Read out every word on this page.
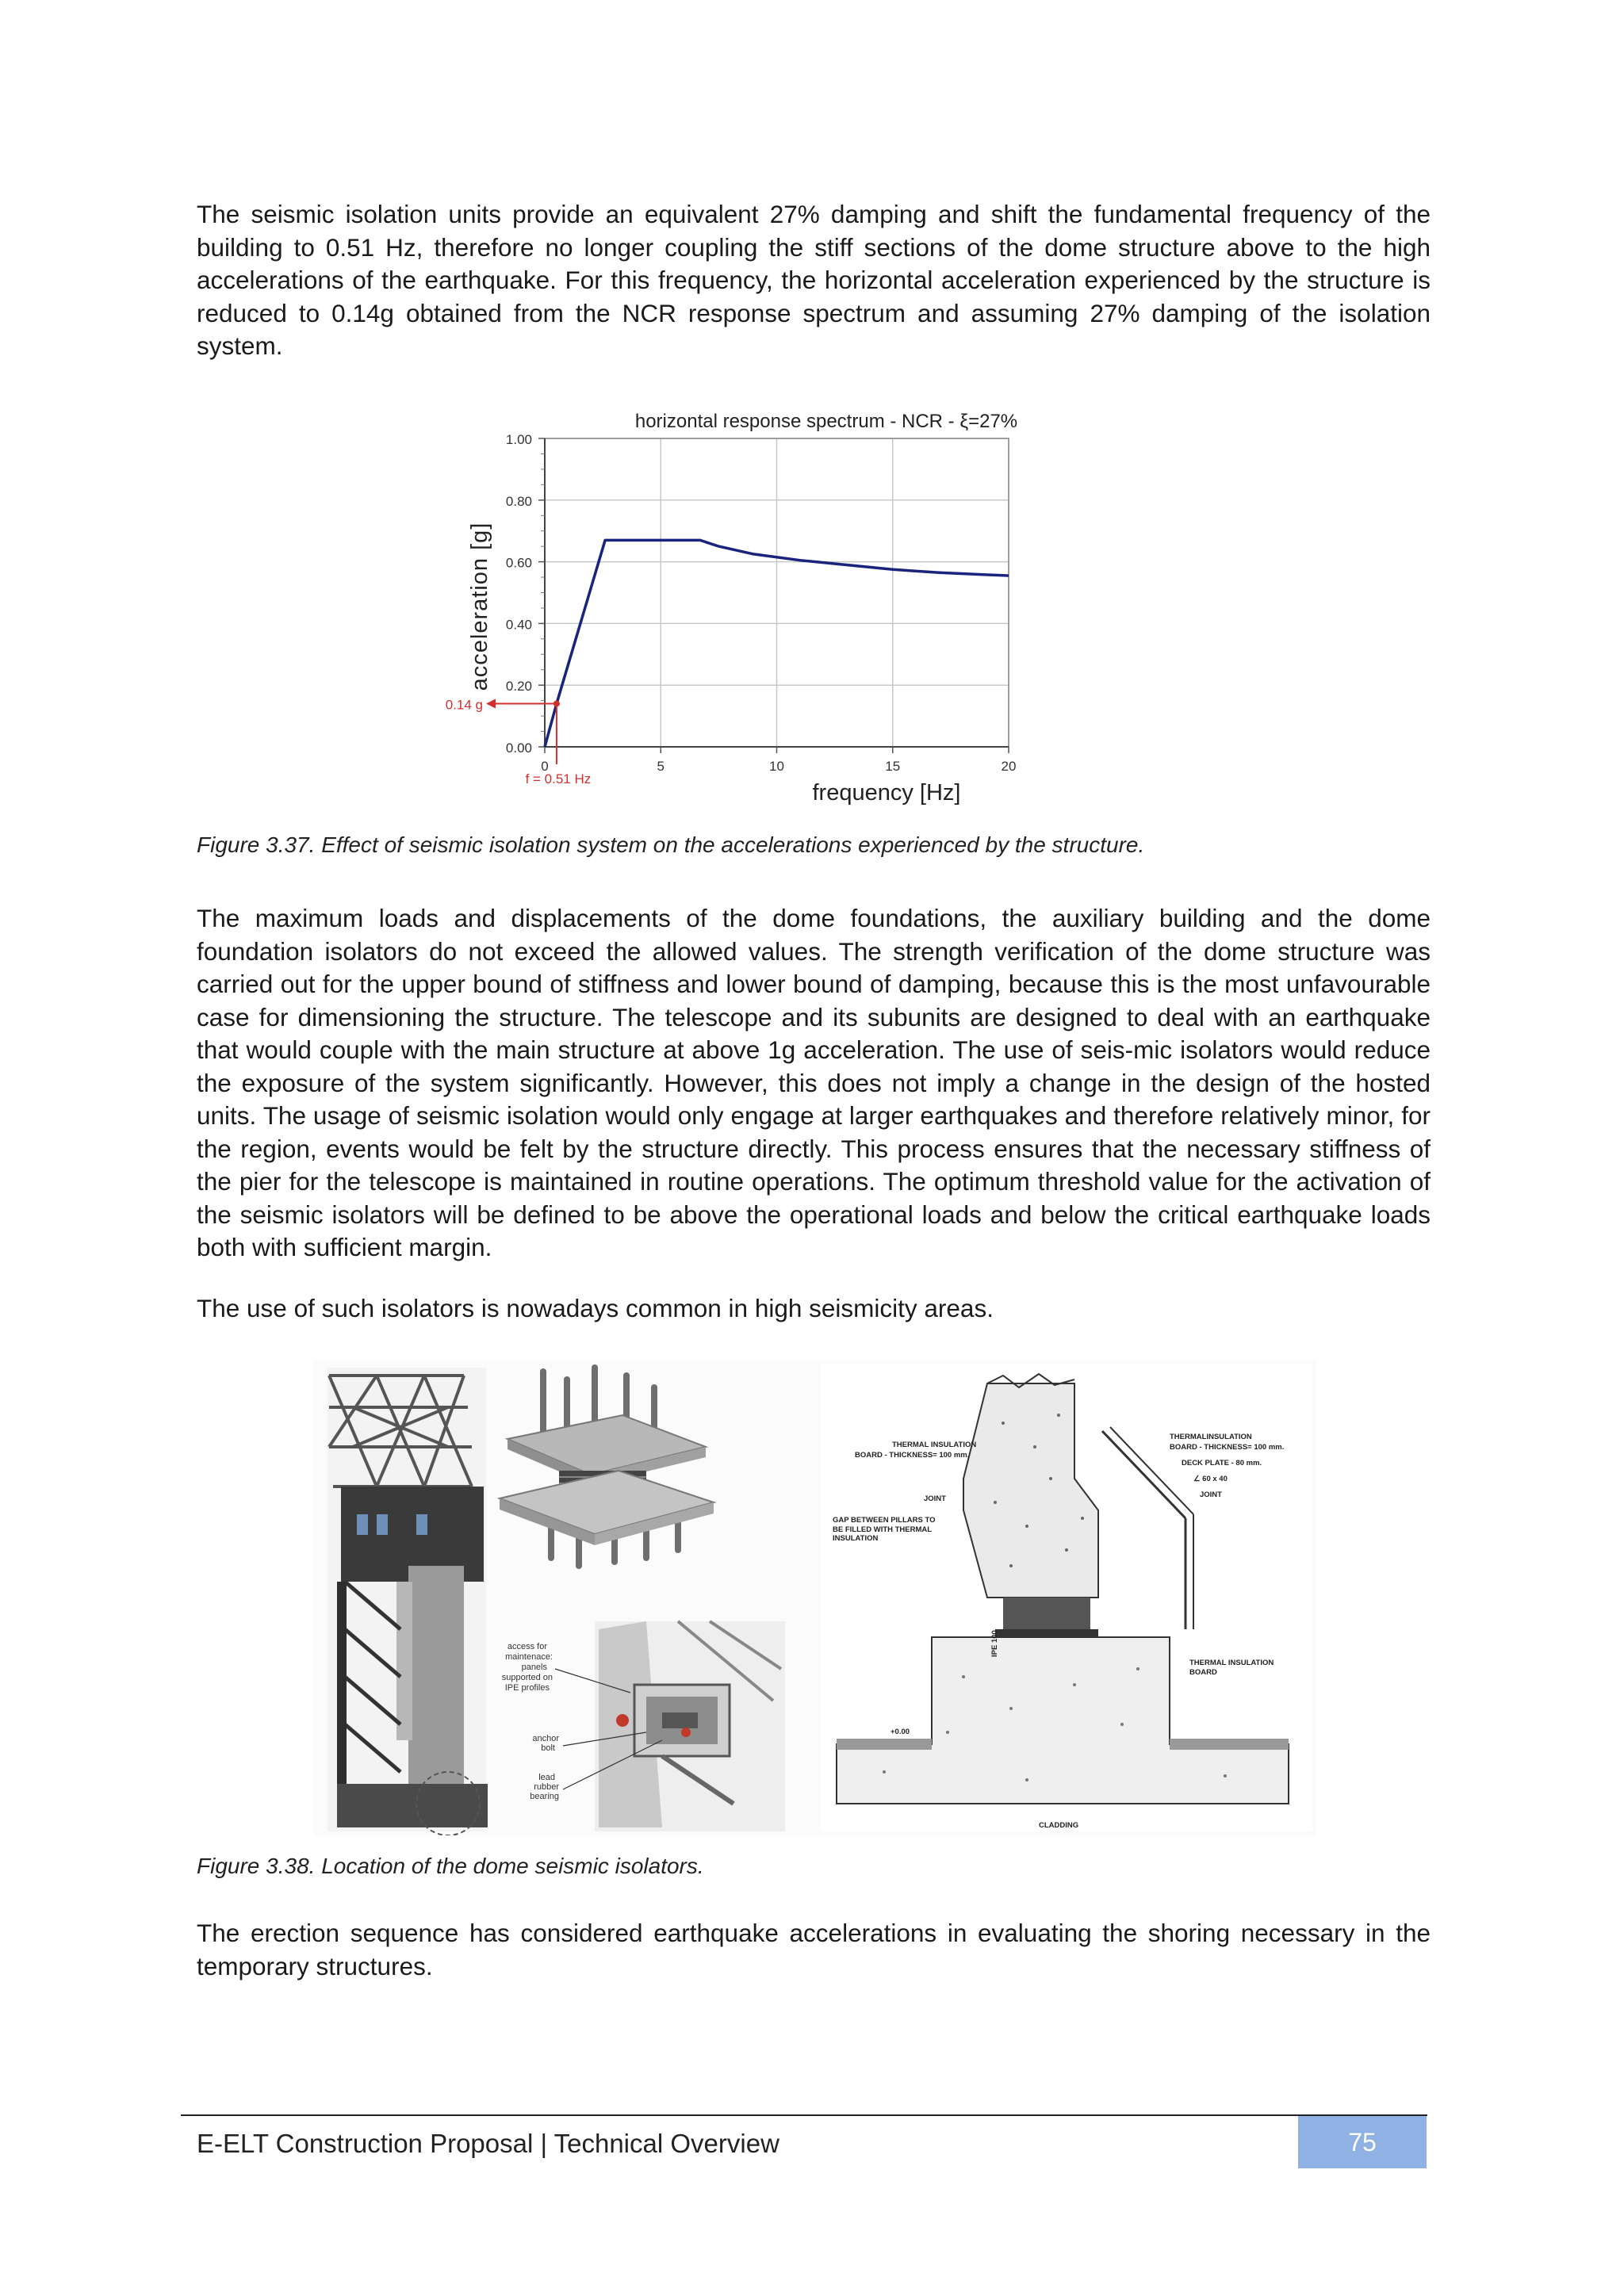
The seismic isolation units provide an equivalent 27% damping and shift the fundamental frequency of the building to 0.51 Hz, therefore no longer coupling the stiff sections of the dome structure above to the high accelerations of the earthquake. For this frequency, the horizontal acceleration experienced by the structure is reduced to 0.14g obtained from the NCR response spectrum and assuming 27% damping of the isolation system.

horizontal response spectrum - NCR - ξ=27%
0.00
0.20
0.40
0.60
0.80
1.00
0	5	10	15	20
acceleration [g]
frequency [Hz]
0.14 g
f = 0.51 Hz

Figure 3.37. Effect of seismic isolation system on the accelerations experienced by the structure.

The maximum loads and displacements of the dome foundations, the auxiliary building and the dome foundation isolators do not exceed the allowed values. The strength verification of the dome structure was carried out for the upper bound of stiffness and lower bound of damping, because this is the most unfavourable case for dimensioning the structure. The telescope and its subunits are designed to deal with an earthquake that would couple with the main structure at above 1g acceleration. The use of seis-mic isolators would reduce the exposure of the system significantly. However, this does not imply a change in the design of the hosted units. The usage of seismic isolation would only engage at larger earthquakes and therefore relatively minor, for the region, events would be felt by the structure directly. This process ensures that the necessary stiffness of the pier for the telescope is maintained in routine operations. The optimum threshold value for the activation of the seismic isolators will be defined to be above the operational loads and below the critical earthquake loads both with sufficient margin.

The use of such isolators is nowadays common in high seismicity areas.

access for
maintenace:
panels
supported on
IPE profiles
anchor
bolt
lead
rubber
bearing
THERMAL INSULATION
BOARD - THICKNESS= 100 mm.
THERMALINSULATION
BOARD - THICKNESS= 100 mm.
DECK PLATE - 80 mm.
∠ 60 x 40
JOINT
JOINT
GAP BETWEEN PILLARS TO
BE FILLED WITH THERMAL
INSULATION
IPE 100
+0.00
THERMAL INSULATION
BOARD
CLADDING

Figure 3.38. Location of the dome seismic isolators.

The erection sequence has considered earthquake accelerations in evaluating the shoring necessary in the temporary structures.

E-ELT Construction Proposal | Technical Overview	75
